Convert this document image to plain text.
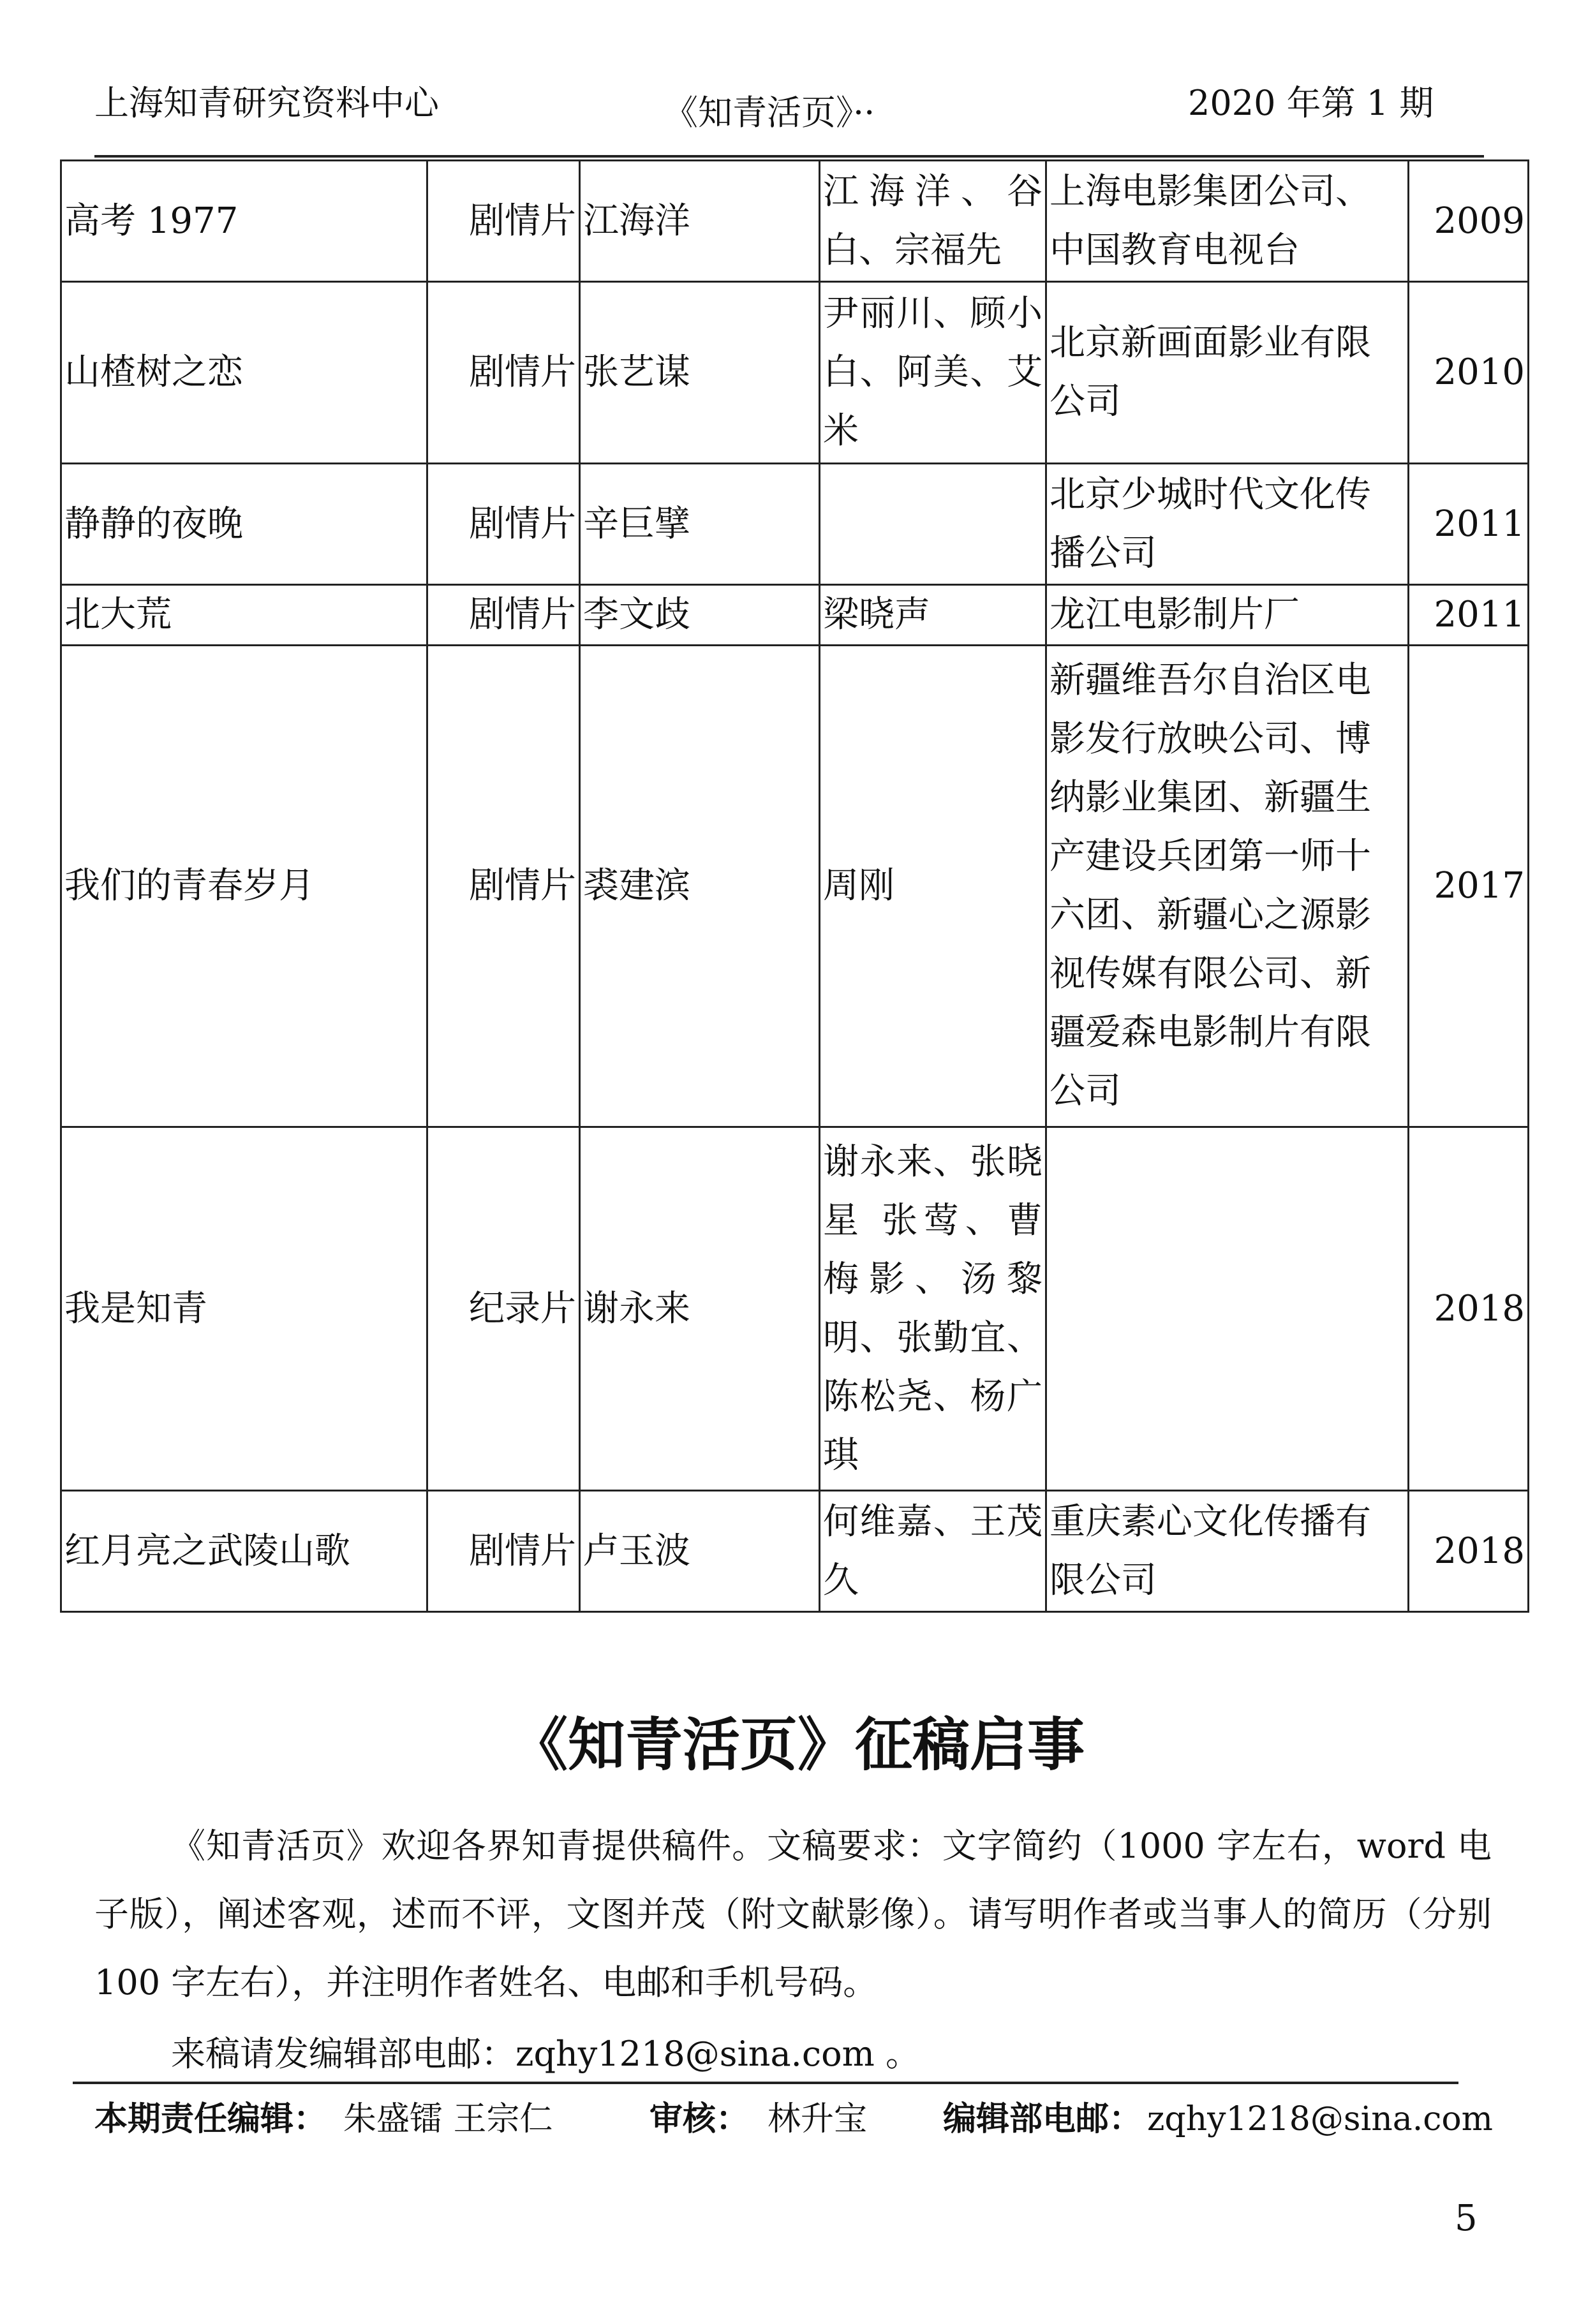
上海知青研究资料中心	《知青活页》··	2020 年第 1 期
高考 1977	剧情片	江海洋	江海洋、谷白、宗福先	上海电影集团公司、中国教育电视台	2009
山楂树之恋	剧情片	张艺谋	尹丽川、顾小白、阿美、艾米	北京新画面影业有限公司	2010
静静的夜晚	剧情片	辛巨擘		北京少城时代文化传播公司	2011
北大荒	剧情片	李文歧	梁晓声	龙江电影制片厂	2011
我们的青春岁月	剧情片	裘建滨	周刚	新疆维吾尔自治区电影发行放映公司、博纳影业集团、新疆生产建设兵团第一师十六团、新疆心之源影视传媒有限公司、新疆爱森电影制片有限公司	2017
我是知青	纪录片	谢永来	谢永来、张晓星 张莺、曹梅影、汤黎明、张勤宜、陈松尧、杨广琪		2018
红月亮之武陵山歌	剧情片	卢玉波	何维嘉、王茂久	重庆素心文化传播有限公司	2018
《知青活页》征稿启事

《知青活页》欢迎各界知青提供稿件。文稿要求：文字简约（1000 字左右，word 电子版），阐述客观，述而不评，文图并茂（附文献影像）。请写明作者或当事人的简历（分别 100 字左右），并注明作者姓名、电邮和手机号码。

来稿请发编辑部电邮：zqhy1218@sina.com 。
本期责任编辑： 朱盛镭 王宗仁	审核： 林升宝 编辑部电邮： zqhy1218@sina.com
5
